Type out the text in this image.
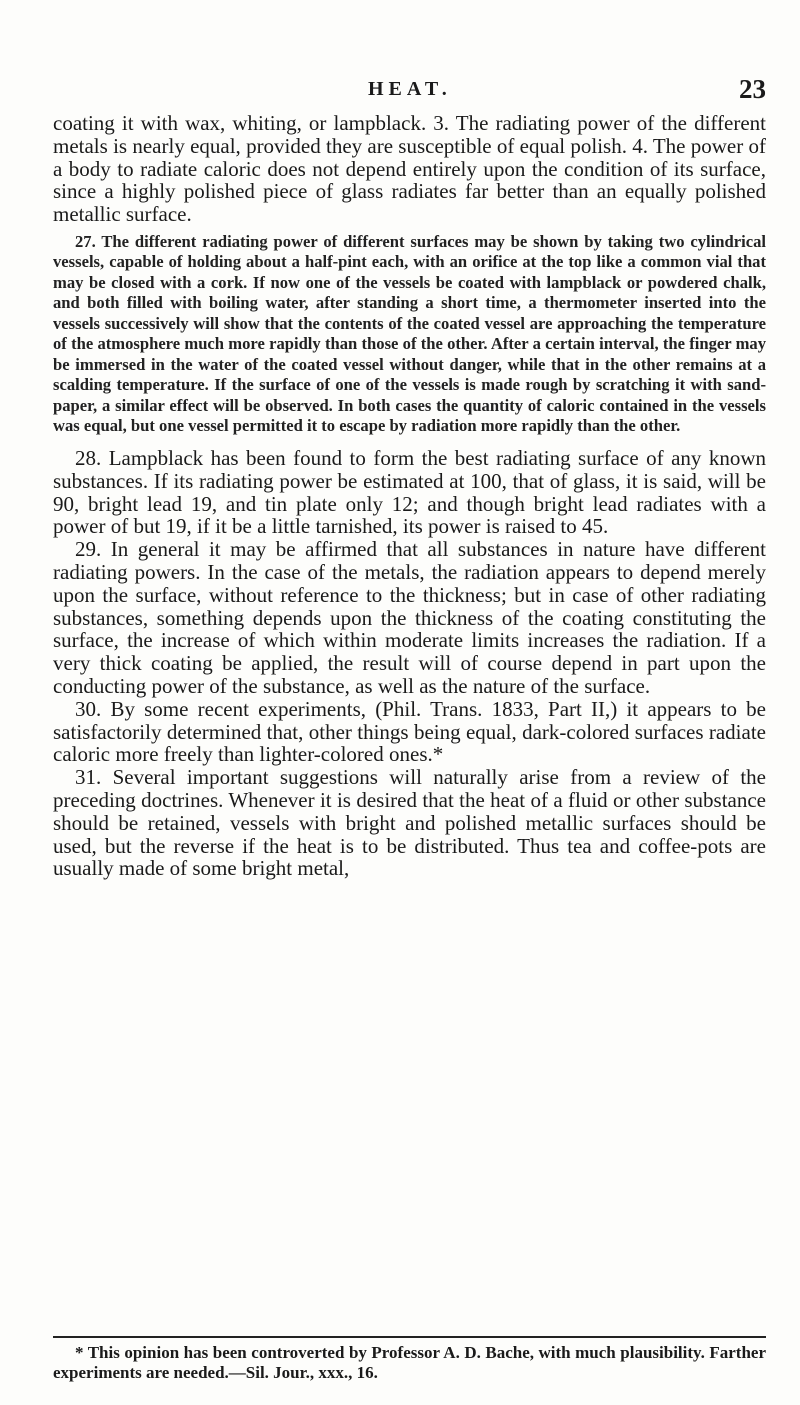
HEAT.	23

coating it with wax, whiting, or lampblack. 3. The radiating power of the different metals is nearly equal, provided they are susceptible of equal polish. 4. The power of a body to radiate caloric does not depend entirely upon the condition of its surface, since a highly polished piece of glass radiates far better than an equally polished metallic surface.

27. The different radiating power of different surfaces may be shown by taking two cylindrical vessels, capable of holding about a half-pint each, with an orifice at the top like a common vial that may be closed with a cork. If now one of the vessels be coated with lampblack or powdered chalk, and both filled with boiling water, after standing a short time, a thermometer inserted into the vessels successively will show that the contents of the coated vessel are approaching the temperature of the atmosphere much more rapidly than those of the other. After a certain interval, the finger may be immersed in the water of the coated vessel without danger, while that in the other remains at a scalding temperature. If the surface of one of the vessels is made rough by scratching it with sand-paper, a similar effect will be observed. In both cases the quantity of caloric contained in the vessels was equal, but one vessel permitted it to escape by radiation more rapidly than the other.

28. Lampblack has been found to form the best radiating surface of any known substances. If its radiating power be estimated at 100, that of glass, it is said, will be 90, bright lead 19, and tin plate only 12; and though bright lead radiates with a power of but 19, if it be a little tarnished, its power is raised to 45.

29. In general it may be affirmed that all substances in nature have different radiating powers. In the case of the metals, the radiation appears to depend merely upon the surface, without reference to the thickness; but in case of other radiating substances, something depends upon the thickness of the coating constituting the surface, the increase of which within moderate limits increases the radiation. If a very thick coating be applied, the result will of course depend in part upon the conducting power of the substance, as well as the nature of the surface.

30. By some recent experiments, (Phil. Trans. 1833, Part II,) it appears to be satisfactorily determined that, other things being equal, dark-colored surfaces radiate caloric more freely than lighter-colored ones.*

31. Several important suggestions will naturally arise from a review of the preceding doctrines. Whenever it is desired that the heat of a fluid or other substance should be retained, vessels with bright and polished metallic surfaces should be used, but the reverse if the heat is to be distributed. Thus tea and coffee-pots are usually made of some bright metal,

* This opinion has been controverted by Professor A. D. Bache, with much plausibility. Farther experiments are needed.—Sil. Jour., xxx., 16.
